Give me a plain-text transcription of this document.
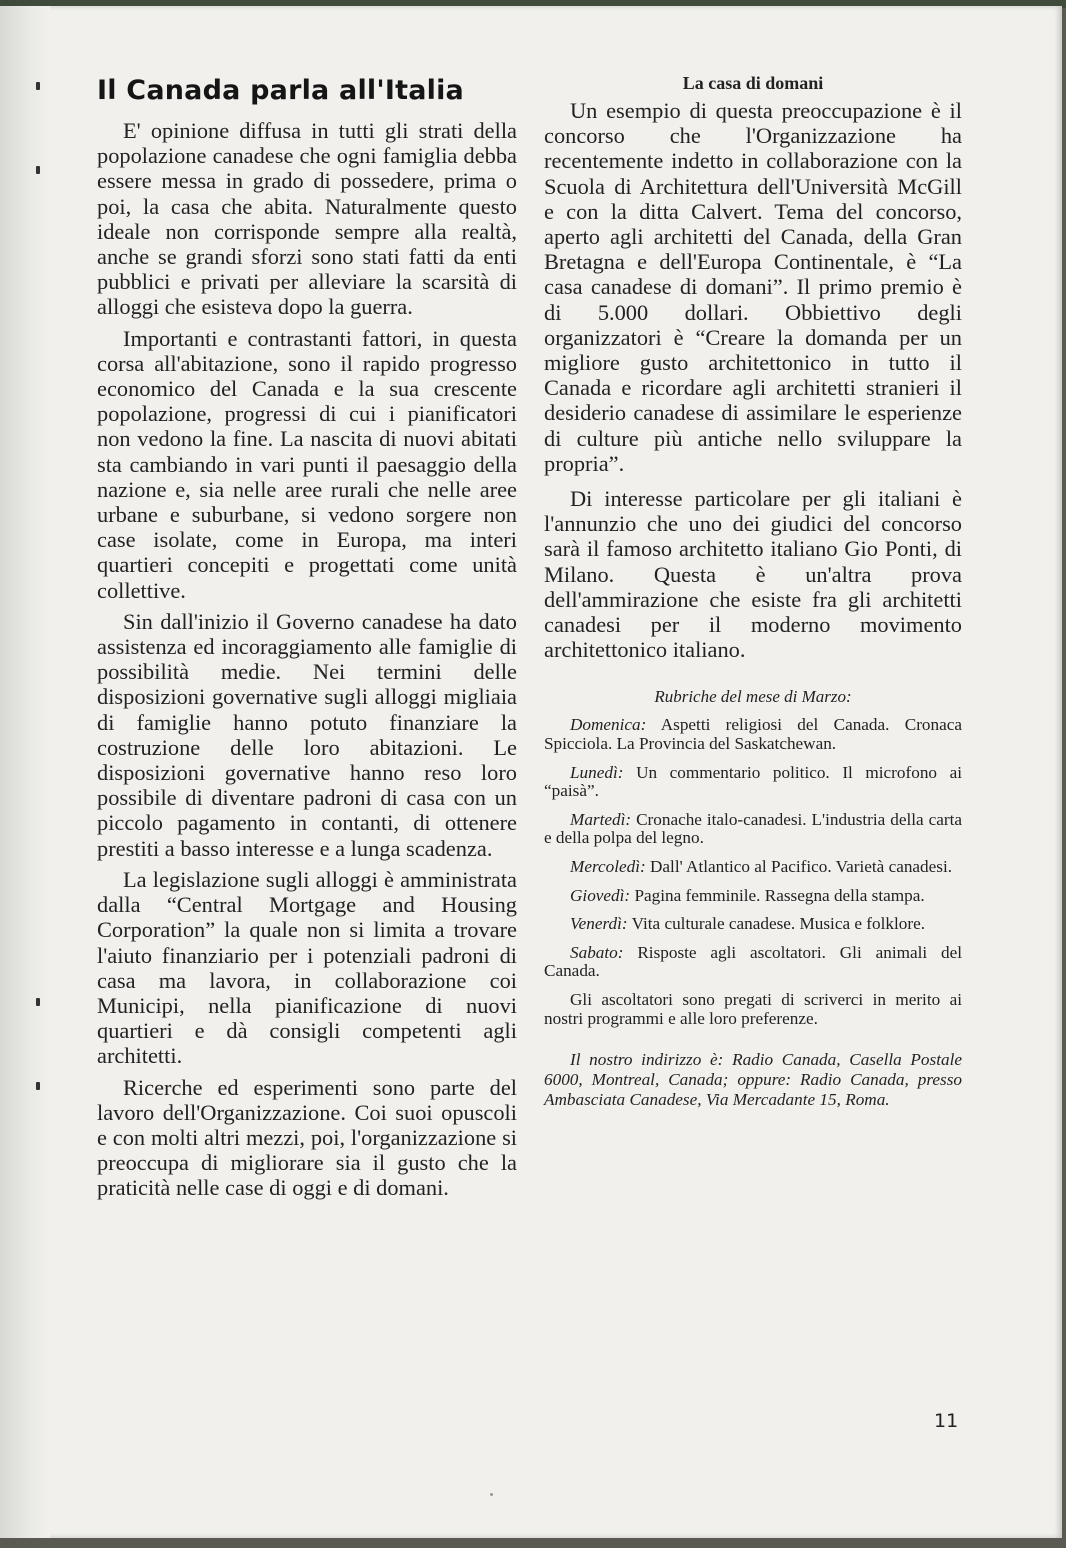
Il Canada parla all'Italia

E' opinione diffusa in tutti gli strati della popolazione canadese che ogni famiglia debba essere messa in grado di possedere, prima o poi, la casa che abita. Naturalmente questo ideale non corrisponde sempre alla realtà, anche se grandi sforzi sono stati fatti da enti pubblici e privati per alleviare la scarsità di alloggi che esisteva dopo la guerra.

Importanti e contrastanti fattori, in questa corsa all'abitazione, sono il rapido progresso economico del Canada e la sua crescente popolazione, progressi di cui i pianificatori non vedono la fine. La nascita di nuovi abitati sta cambiando in vari punti il paesaggio della nazione e, sia nelle aree rurali che nelle aree urbane e suburbane, si vedono sorgere non case isolate, come in Europa, ma interi quartieri concepiti e progettati come unità collettive.

Sin dall'inizio il Governo canadese ha dato assistenza ed incoraggiamento alle famiglie di possibilità medie. Nei termini delle disposizioni governative sugli alloggi migliaia di famiglie hanno potuto finanziare la costruzione delle loro abitazioni. Le disposizioni governative hanno reso loro possibile di diventare padroni di casa con un piccolo pagamento in contanti, di ottenere prestiti a basso interesse e a lunga scadenza.

La legislazione sugli alloggi è amministrata dalla “Central Mortgage and Housing Corporation” la quale non si limita a trovare l'aiuto finanziario per i potenziali padroni di casa ma lavora, in collaborazione coi Municipi, nella pianificazione di nuovi quartieri e dà consigli competenti agli architetti.

Ricerche ed esperimenti sono parte del lavoro dell'Organizzazione. Coi suoi opuscoli e con molti altri mezzi, poi, l'organizzazione si preoccupa di migliorare sia il gusto che la praticità nelle case di oggi e di domani.

La casa di domani

Un esempio di questa preoccupazione è il concorso che l'Organizzazione ha recentemente indetto in collaborazione con la Scuola di Architettura dell'Università McGill e con la ditta Calvert. Tema del concorso, aperto agli architetti del Canada, della Gran Bretagna e dell'Europa Continentale, è “La casa canadese di domani”. Il primo premio è di 5.000 dollari. Obbiettivo degli organizzatori è “Creare la domanda per un migliore gusto architettonico in tutto il Canada e ricordare agli architetti stranieri il desiderio canadese di assimilare le esperienze di culture più antiche nello sviluppare la propria”.

Di interesse particolare per gli italiani è l'annunzio che uno dei giudici del concorso sarà il famoso architetto italiano Gio Ponti, di Milano. Questa è un'altra prova dell'ammirazione che esiste fra gli architetti canadesi per il moderno movimento architettonico italiano.

Rubriche del mese di Marzo:
Domenica: Aspetti religiosi del Canada. Cronaca Spicciola. La Provincia del Saskatchewan.
Lunedì: Un commentario politico. Il microfono ai “paisà”.
Martedì: Cronache italo-canadesi. L'industria della carta e della polpa del legno.
Mercoledì: Dall' Atlantico al Pacifico. Varietà canadesi.
Giovedì: Pagina femminile. Rassegna della stampa.
Venerdì: Vita culturale canadese. Musica e folklore.
Sabato: Risposte agli ascoltatori. Gli animali del Canada.
Gli ascoltatori sono pregati di scriverci in merito ai nostri programmi e alle loro preferenze.
Il nostro indirizzo è: Radio Canada, Casella Postale 6000, Montreal, Canada; oppure: Radio Canada, presso Ambasciata Canadese, Via Mercadante 15, Roma.
11
